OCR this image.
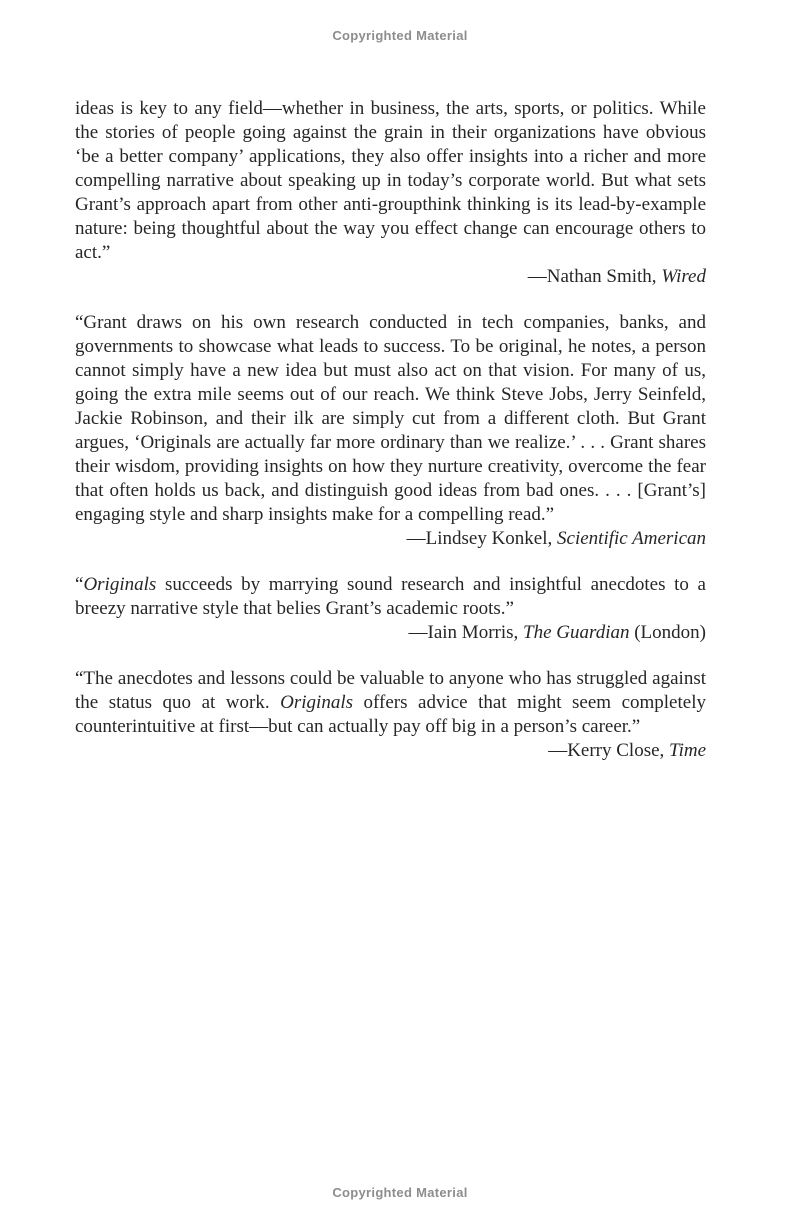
Copyrighted Material

ideas is key to any field—whether in business, the arts, sports, or politics. While the stories of people going against the grain in their organizations have obvious ‘be a better company’ applications, they also offer insights into a richer and more compelling narrative about speaking up in today’s corporate world. But what sets Grant’s approach apart from other anti-groupthink thinking is its lead-by-example nature: being thoughtful about the way you effect change can encourage others to act.”

—Nathan Smith, Wired

“Grant draws on his own research conducted in tech companies, banks, and governments to showcase what leads to success. To be original, he notes, a person cannot simply have a new idea but must also act on that vision. For many of us, going the extra mile seems out of our reach. We think Steve Jobs, Jerry Seinfeld, Jackie Robinson, and their ilk are simply cut from a different cloth. But Grant argues, ‘Originals are actually far more ordinary than we realize.’ . . . Grant shares their wisdom, providing insights on how they nurture creativity, overcome the fear that often holds us back, and distinguish good ideas from bad ones. . . . [Grant’s] engaging style and sharp insights make for a compelling read.” 
—Lindsey Konkel, Scientific American

“Originals succeeds by marrying sound research and insightful anecdotes to a breezy narrative style that belies Grant’s academic roots.”

—Iain Morris, The Guardian (London)

“The anecdotes and lessons could be valuable to anyone who has struggled against the status quo at work. Originals offers advice that might seem completely counterintuitive at first—but can actually pay off big in a person’s career.”

—Kerry Close, Time

Copyrighted Material
